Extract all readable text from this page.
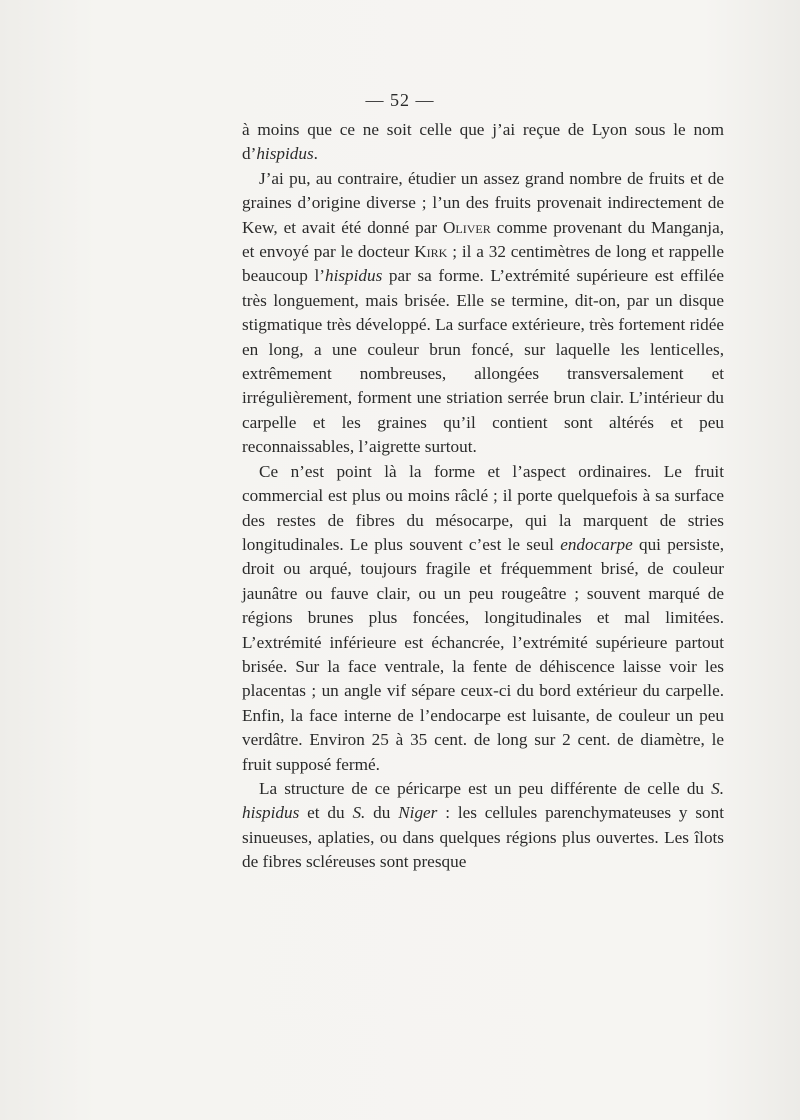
— 52 —

à moins que ce ne soit celle que j’ai reçue de Lyon sous le nom d’hispidus.

J’ai pu, au contraire, étudier un assez grand nombre de fruits et de graines d’origine diverse ; l’un des fruits provenait indirectement de Kew, et avait été donné par Oliver comme provenant du Manganja, et envoyé par le docteur Kirk ; il a 32 centimètres de long et rappelle beaucoup l’hispidus par sa forme. L’extrémité supérieure est effilée très longuement, mais brisée. Elle se termine, dit-on, par un disque stigmatique très développé. La surface extérieure, très fortement ridée en long, a une couleur brun foncé, sur laquelle les lenticelles, extrêmement nombreuses, allongées transversalement et irrégulièrement, forment une striation serrée brun clair. L’intérieur du carpelle et les graines qu’il contient sont altérés et peu reconnaissables, l’aigrette surtout.

Ce n’est point là la forme et l’aspect ordinaires. Le fruit commercial est plus ou moins râclé ; il porte quelquefois à sa surface des restes de fibres du mésocarpe, qui la marquent de stries longitudinales. Le plus souvent c’est le seul endocarpe qui persiste, droit ou arqué, toujours fragile et fréquemment brisé, de couleur jaunâtre ou fauve clair, ou un peu rougeâtre ; souvent marqué de régions brunes plus foncées, longitudinales et mal limitées. L’extrémité inférieure est échancrée, l’extrémité supérieure partout brisée. Sur la face ventrale, la fente de déhiscence laisse voir les placentas ; un angle vif sépare ceux-ci du bord extérieur du carpelle. Enfin, la face interne de l’endocarpe est luisante, de couleur un peu verdâtre. Environ 25 à 35 cent. de long sur 2 cent. de diamètre, le fruit supposé fermé.

La structure de ce péricarpe est un peu différente de celle du S. hispidus et du S. du Niger : les cellules parenchymateuses y sont sinueuses, aplaties, ou dans quelques régions plus ouvertes. Les îlots de fibres scléreuses sont presque
